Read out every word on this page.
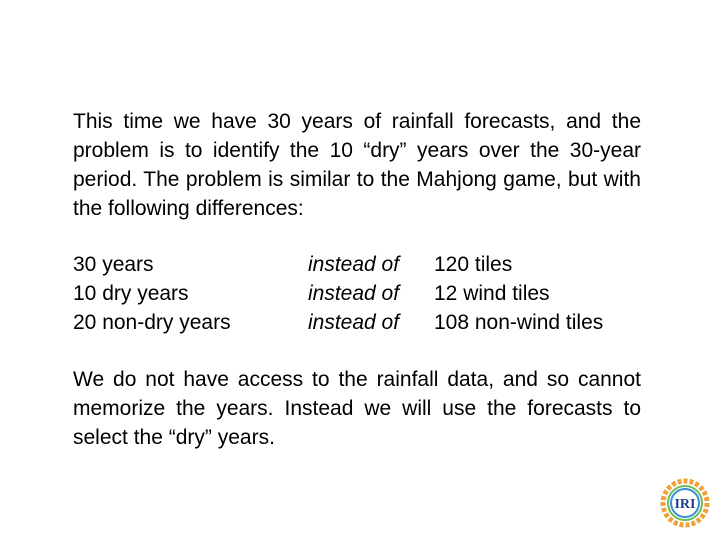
This time we have 30 years of rainfall forecasts, and the problem is to identify the 10 “dry” years over the 30-year period. The problem is similar to the Mahjong game, but with the following differences:

30 years	instead of	120 tiles
10 dry years	instead of	12 wind tiles
20 non-dry years	instead of	108 non-wind tiles

We do not have access to the rainfall data, and so cannot memorize the years. Instead we will use the forecasts to select the “dry” years.

IRI
